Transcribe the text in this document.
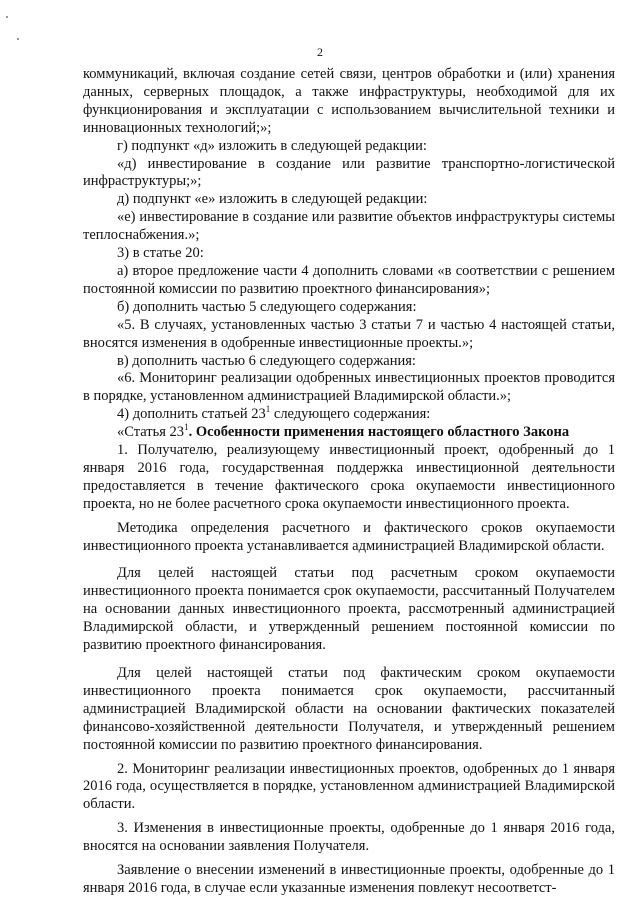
2

коммуникаций, включая создание сетей связи, центров обработки и (или) хранения данных, серверных площадок, а также инфраструктуры, необходимой для их функционирования и эксплуатации с использованием вычислительной техники и инновационных технологий;»;

г) подпункт «д» изложить в следующей редакции:

«д) инвестирование в создание или развитие транспортно-логистической инфраструктуры;»;

д) подпункт «е» изложить в следующей редакции:

«е) инвестирование в создание или развитие объектов инфраструктуры системы теплоснабжения.»;

3) в статье 20:

а) второе предложение части 4 дополнить словами «в соответствии с решением постоянной комиссии по развитию проектного финансирования»;

б) дополнить частью 5 следующего содержания:

«5. В случаях, установленных частью 3 статьи 7 и частью 4 настоящей статьи, вносятся изменения в одобренные инвестиционные проекты.»;

в) дополнить частью 6 следующего содержания:

«6. Мониторинг реализации одобренных инвестиционных проектов проводится в порядке, установленном администрацией Владимирской области.»;

4) дополнить статьей $23^1$ следующего содержания:

«Статья $23^1$. Особенности применения настоящего областного Закона

1. Получателю, реализующему инвестиционный проект, одобренный до 1 января 2016 года, государственная поддержка инвестиционной деятельности предоставляется в течение фактического срока окупаемости инвестиционного проекта, но не более расчетного срока окупаемости инвестиционного проекта.

Методика определения расчетного и фактического сроков окупаемости инвестиционного проекта устанавливается администрацией Владимирской области.

Для целей настоящей статьи под расчетным сроком окупаемости инвестиционного проекта понимается срок окупаемости, рассчитанный Получателем на основании данных инвестиционного проекта, рассмотренный администрацией Владимирской области, и утвержденный решением постоянной комиссии по развитию проектного финансирования.

Для целей настоящей статьи под фактическим сроком окупаемости инвестиционного проекта понимается срок окупаемости, рассчитанный администрацией Владимирской области на основании фактических показателей финансово-хозяйственной деятельности Получателя, и утвержденный решением постоянной комиссии по развитию проектного финансирования.

2. Мониторинг реализации инвестиционных проектов, одобренных до 1 января 2016 года, осуществляется в порядке, установленном администрацией Владимирской области.

3. Изменения в инвестиционные проекты, одобренные до 1 января 2016 года, вносятся на основании заявления Получателя.

Заявление о внесении изменений в инвестиционные проекты, одобренные до 1 января 2016 года, в случае если указанные изменения повлекут несоответст-
